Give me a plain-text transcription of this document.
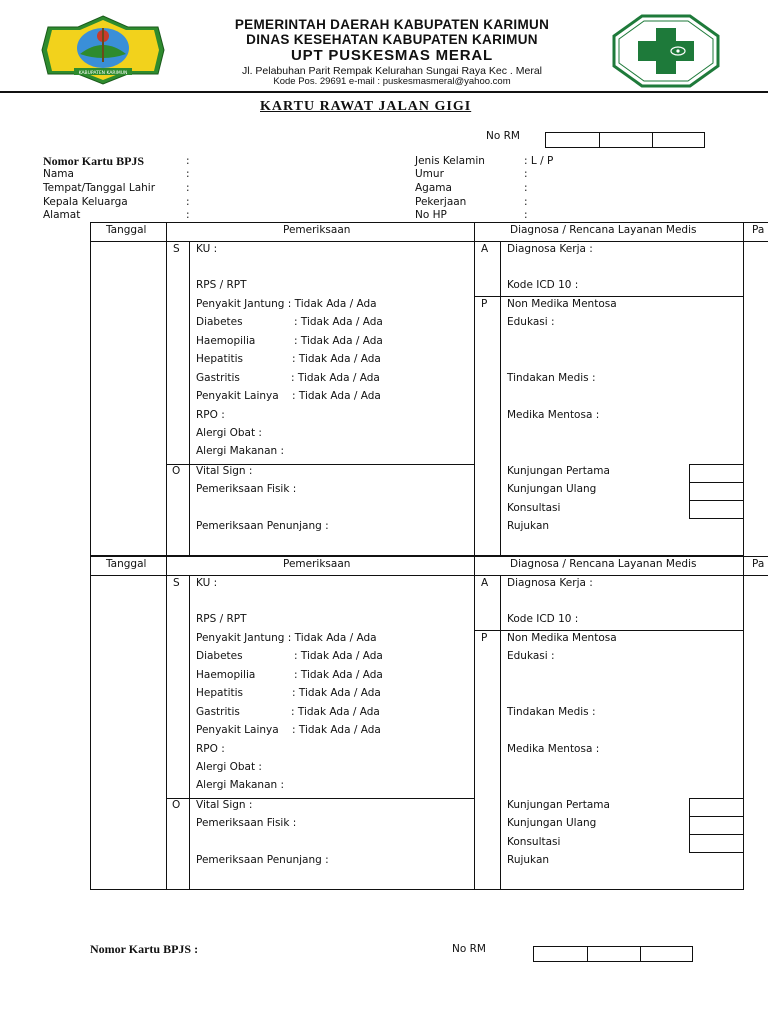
KABUPATEN KARIMUN
PEMERINTAH DAERAH KABUPATEN KARIMUN
DINAS KESEHATAN KABUPATEN KARIMUN
UPT PUSKESMAS MERAL
Jl. Pelabuhan Parit Rempak Kelurahan Sungai Raya Kec . Meral
Kode Pos. 29691 e-mail : puskesmasmeral@yahoo.com
KARTU RAWAT JALAN GIGI
No RM
Nomor Kartu BPJS	:
Nama	:
Tempat/Tanggal Lahir	:
Kepala Keluarga	:
Alamat	:
Jenis Kelamin	: L / P
Umur	:
Agama	:
Pekerjaan	:
No HP	:
Tanggal	Pemeriksaan	Diagnosa / Rencana Layanan Medis	Pa
S KU :
RPS / RPT
Penyakit Jantung : Tidak Ada / Ada
Diabetes	: Tidak Ada / Ada
Haemopilia	: Tidak Ada / Ada
Hepatitis	: Tidak Ada / Ada
Gastritis	: Tidak Ada / Ada
Penyakit Lainya : Tidak Ada / Ada
RPO :
Alergi Obat :
Alergi Makanan :
O Vital Sign :
Pemeriksaan Fisik :
Pemeriksaan Penunjang :
A Diagnosa Kerja :
Kode ICD 10 :
P Non Medika Mentosa
Edukasi :
Tindakan Medis :
Medika Mentosa :
Kunjungan Pertama
Kunjungan Ulang
Konsultasi
Rujukan
Tanggal	Pemeriksaan	Diagnosa / Rencana Layanan Medis	Pa
S KU :
RPS / RPT
Penyakit Jantung : Tidak Ada / Ada
Diabetes	: Tidak Ada / Ada
Haemopilia	: Tidak Ada / Ada
Hepatitis	: Tidak Ada / Ada
Gastritis	: Tidak Ada / Ada
Penyakit Lainya : Tidak Ada / Ada
RPO :
Alergi Obat :
Alergi Makanan :
O Vital Sign :
Pemeriksaan Fisik :
Pemeriksaan Penunjang :
A Diagnosa Kerja :
Kode ICD 10 :
P Non Medika Mentosa
Edukasi :
Tindakan Medis :
Medika Mentosa :
Kunjungan Pertama
Kunjungan Ulang
Konsultasi
Rujukan
Nomor Kartu BPJS :	No RM
